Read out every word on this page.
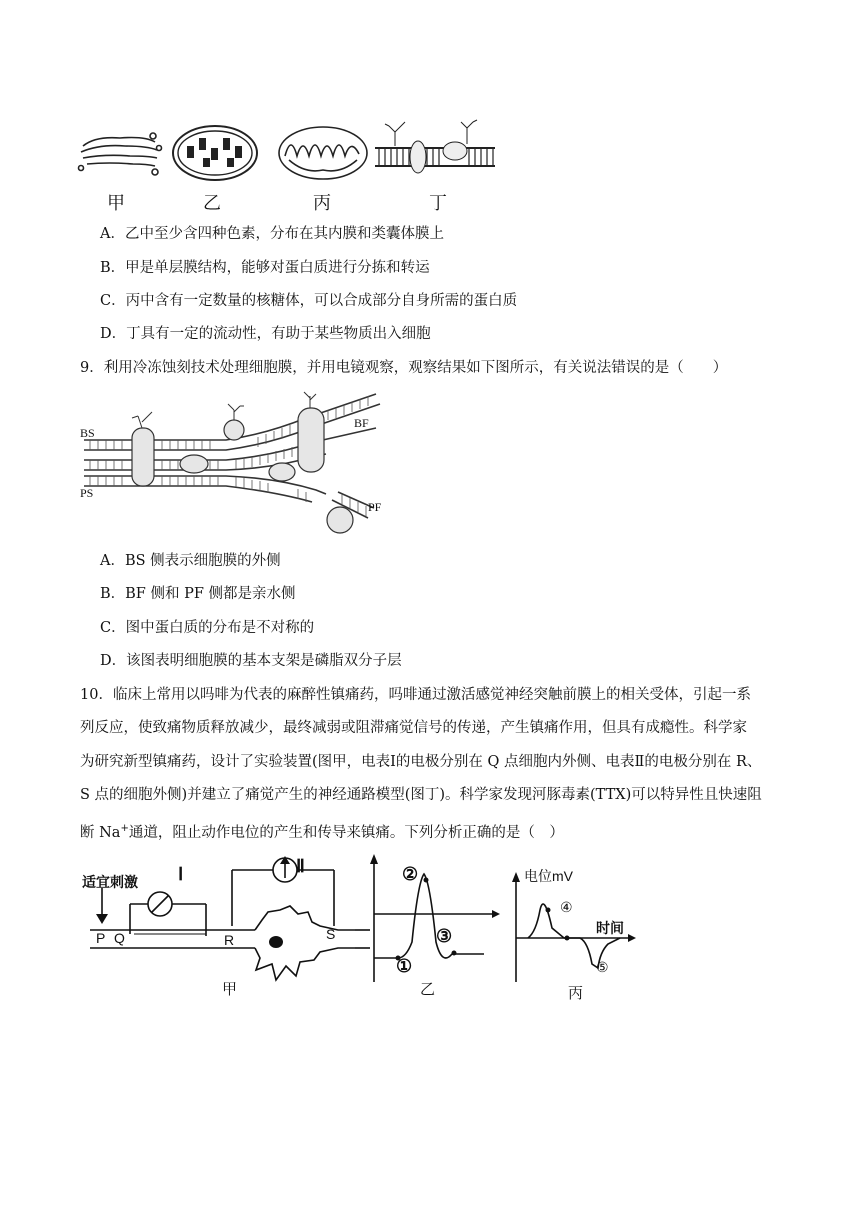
甲	乙	丙	丁
A．乙中至少含四种色素，分布在其内膜和类囊体膜上
B．甲是单层膜结构，能够对蛋白质进行分拣和转运
C．丙中含有一定数量的核糖体，可以合成部分自身所需的蛋白质
D．丁具有一定的流动性，有助于某些物质出入细胞
9．利用冷冻蚀刻技术处理细胞膜，并用电镜观察，观察结果如下图所示，有关说法错误的是（　　）
BS
PS
BF
PF
A．BS 侧表示细胞膜的外侧
B．BF 侧和 PF 侧都是亲水侧
C．图中蛋白质的分布是不对称的
D．该图表明细胞膜的基本支架是磷脂双分子层
10．临床上常用以吗啡为代表的麻醉性镇痛药，吗啡通过激活感觉神经突触前膜上的相关受体，引起一系
列反应，使致痛物质释放减少，最终减弱或阻滞痛觉信号的传递，产生镇痛作用，但具有成瘾性。科学家
为研究新型镇痛药，设计了实验装置(图甲，电表Ⅰ的电极分别在 Q 点细胞内外侧、电表Ⅱ的电极分别在 R、
S 点的细胞外侧)并建立了痛觉产生的神经通路模型(图丁)。科学家发现河豚毒素(TTX)可以特异性且快速阻
断 Na+通道，阻止动作电位的产生和传导来镇痛。下列分析正确的是（　）
适宜刺激 Ⅰ	Ⅱ
P Q	R	S
甲
①
②
③
乙
电位mV
④
时间
⑤
丙
